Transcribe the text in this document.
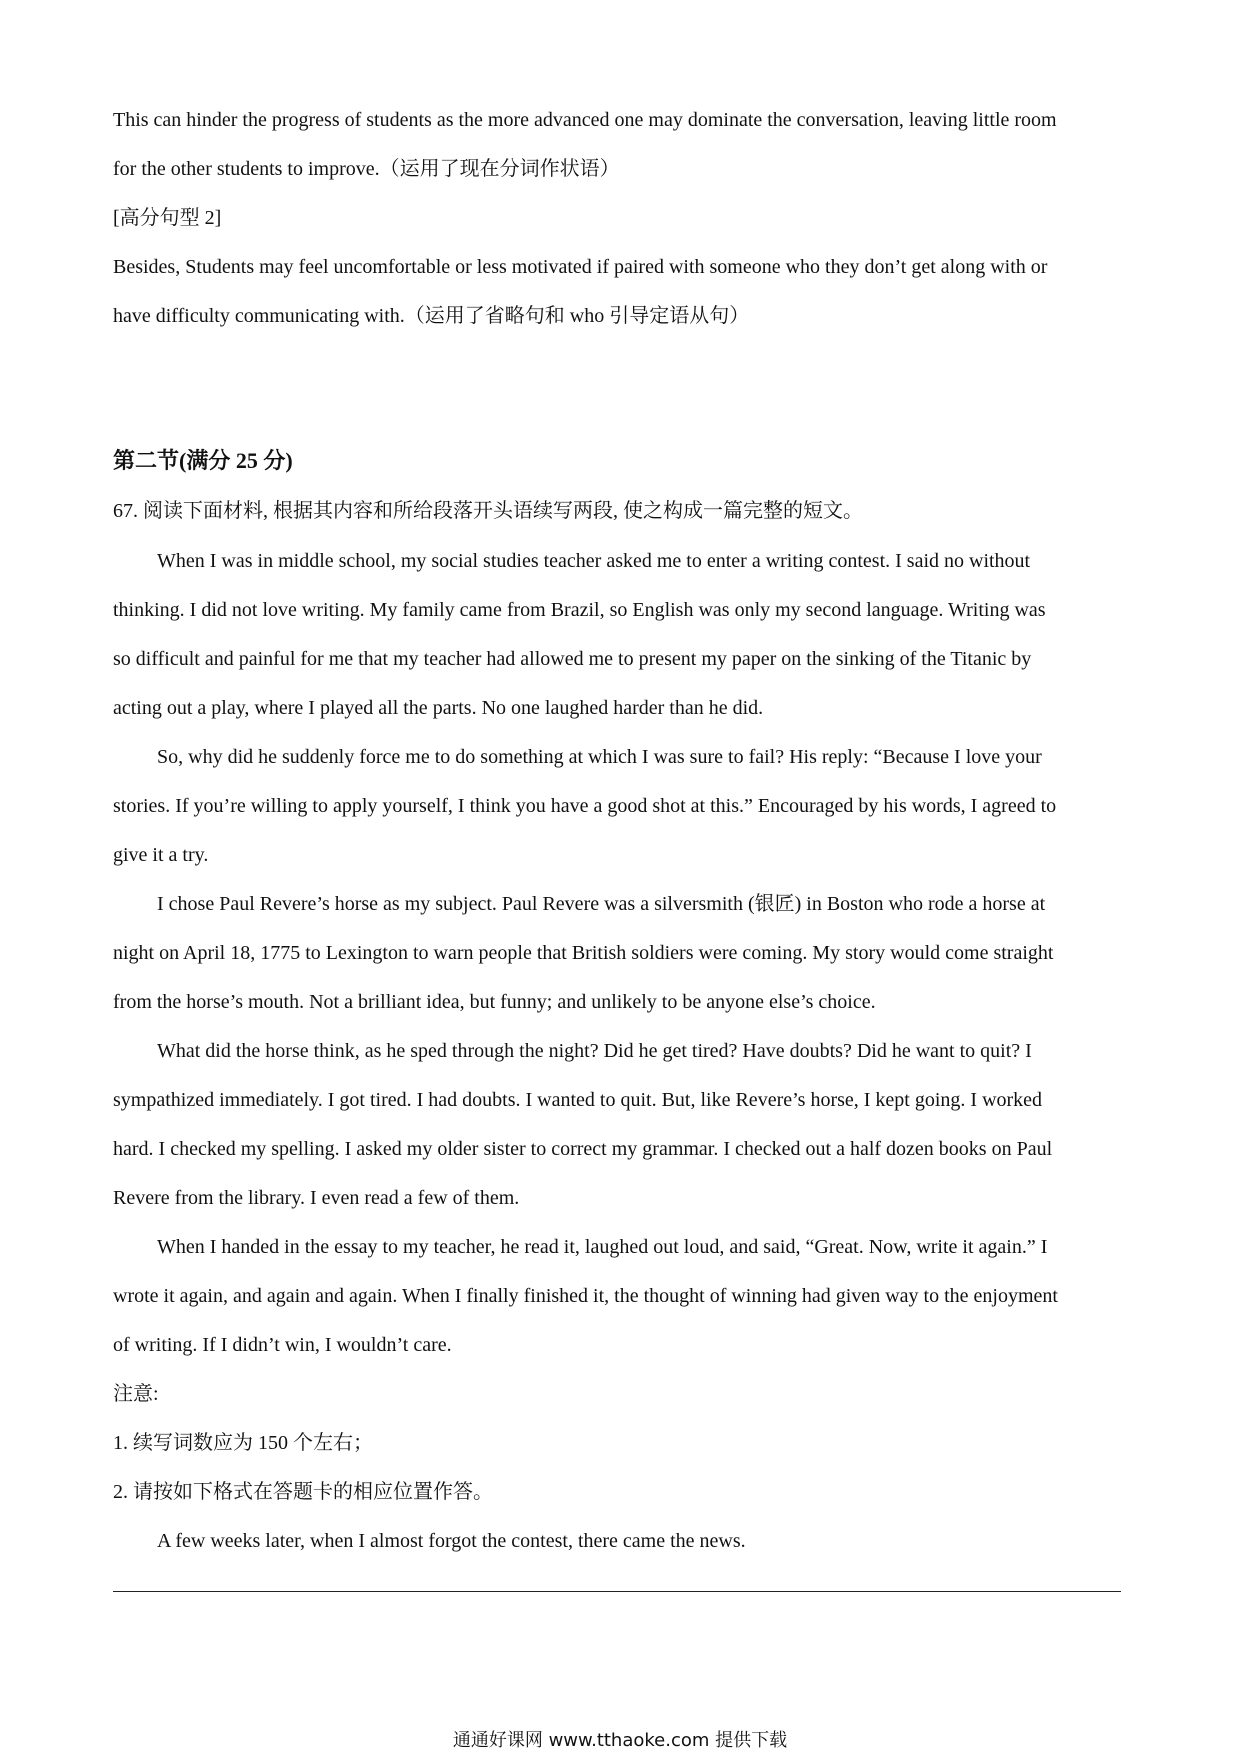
This can hinder the progress of students as the more advanced one may dominate the conversation, leaving little room
for the other students to improve.（运用了现在分词作状语）
[高分句型 2]
Besides, Students may feel uncomfortable or less motivated if paired with someone who they don’t get along with or
have difficulty communicating with.（运用了省略句和 who 引导定语从句）
第二节(满分 25 分)
67. 阅读下面材料, 根据其内容和所给段落开头语续写两段, 使之构成一篇完整的短文。
When I was in middle school, my social studies teacher asked me to enter a writing contest. I said no without
thinking. I did not love writing. My family came from Brazil, so English was only my second language. Writing was
so difficult and painful for me that my teacher had allowed me to present my paper on the sinking of the Titanic by
acting out a play, where I played all the parts. No one laughed harder than he did.
So, why did he suddenly force me to do something at which I was sure to fail? His reply: “Because I love your
stories. If you’re willing to apply yourself, I think you have a good shot at this.” Encouraged by his words, I agreed to
give it a try.
I chose Paul Revere’s horse as my subject. Paul Revere was a silversmith (银匠) in Boston who rode a horse at
night on April 18, 1775 to Lexington to warn people that British soldiers were coming. My story would come straight
from the horse’s mouth. Not a brilliant idea, but funny; and unlikely to be anyone else’s choice.
What did the horse think, as he sped through the night? Did he get tired? Have doubts? Did he want to quit? I
sympathized immediately. I got tired. I had doubts. I wanted to quit. But, like Revere’s horse, I kept going. I worked
hard. I checked my spelling. I asked my older sister to correct my grammar. I checked out a half dozen books on Paul
Revere from the library. I even read a few of them.
When I handed in the essay to my teacher, he read it, laughed out loud, and said, “Great. Now, write it again.” I
wrote it again, and again and again. When I finally finished it, the thought of winning had given way to the enjoyment
of writing. If I didn’t win, I wouldn’t care.
注意:
1. 续写词数应为 150 个左右；
2. 请按如下格式在答题卡的相应位置作答。
A few weeks later, when I almost forgot the contest, there came the news.
通通好课网 www.tthaoke.com 提供下载
